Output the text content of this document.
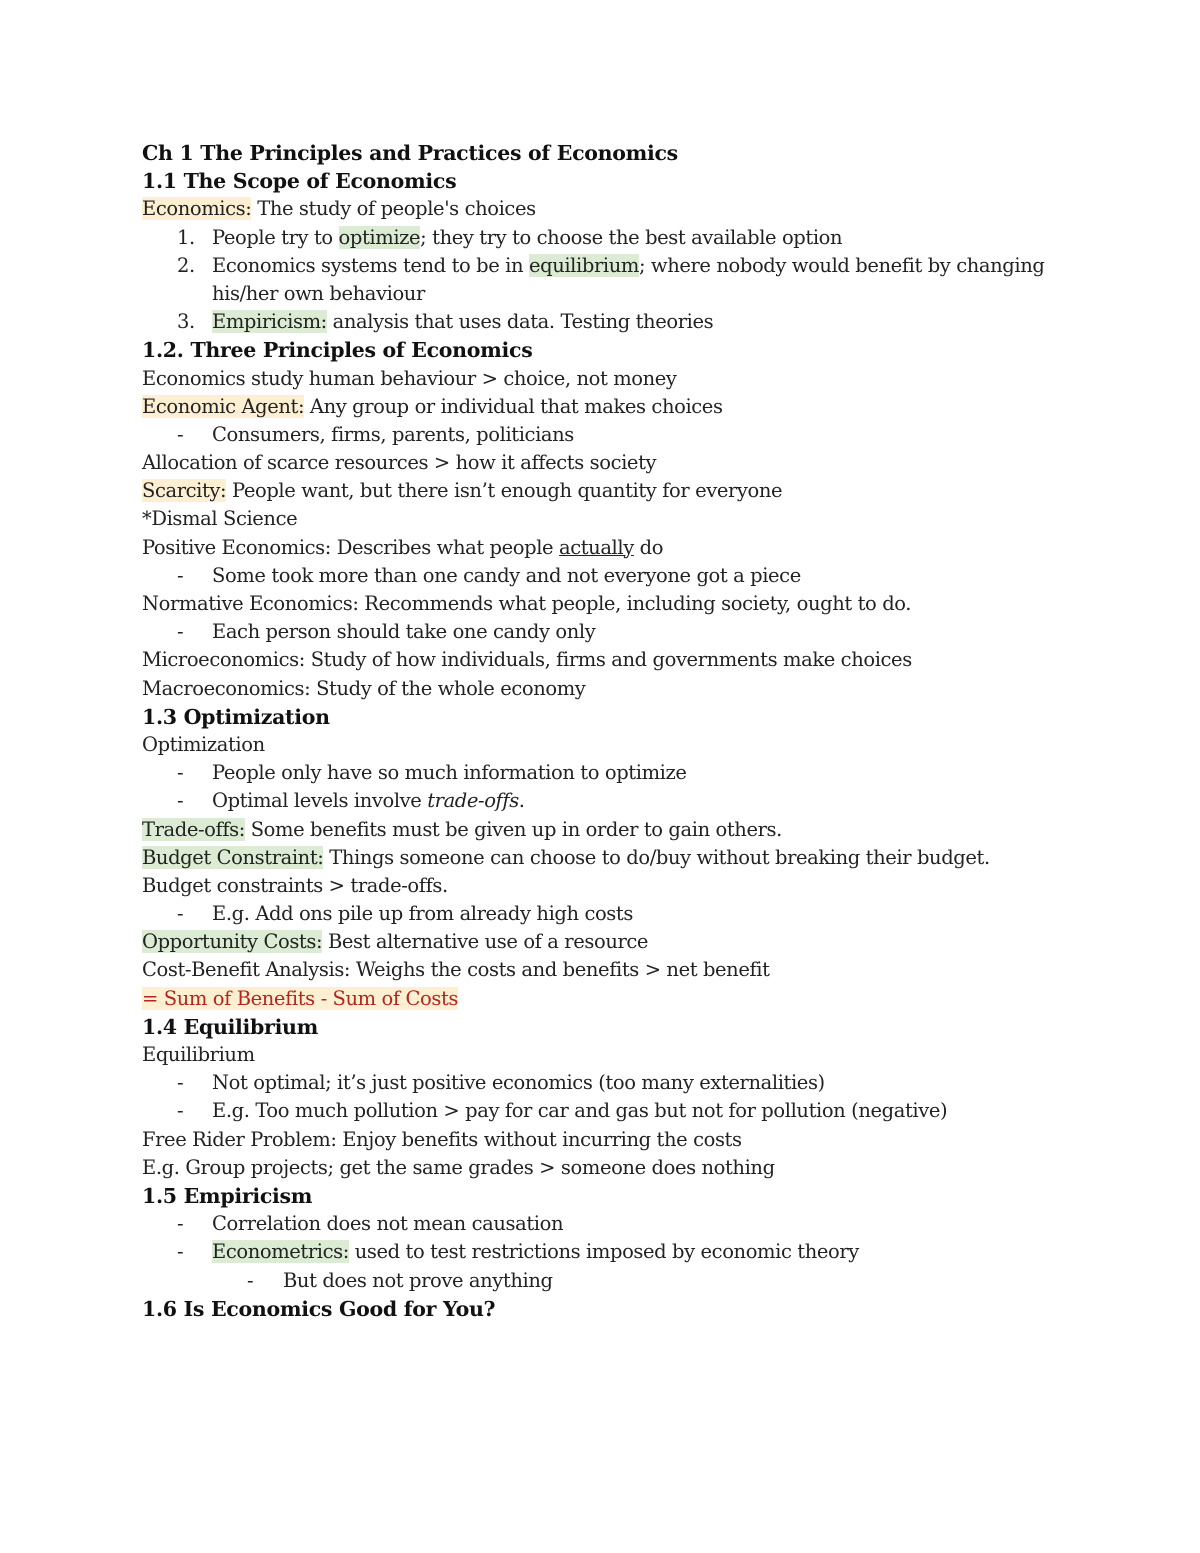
Ch 1 The Principles and Practices of Economics
1.1 The Scope of Economics
Economics: The study of people's choices
1. People try to optimize; they try to choose the best available option
2. Economics systems tend to be in equilibrium; where nobody would benefit by changing
his/her own behaviour
3. Empiricism: analysis that uses data. Testing theories
1.2. Three Principles of Economics
Economics study human behaviour > choice, not money
Economic Agent: Any group or individual that makes choices
-	Consumers, firms, parents, politicians
Allocation of scarce resources > how it affects society
Scarcity: People want, but there isn’t enough quantity for everyone
*Dismal Science
Positive Economics: Describes what people actually do
-	Some took more than one candy and not everyone got a piece
Normative Economics: Recommends what people, including society, ought to do.
-	Each person should take one candy only
Microeconomics: Study of how individuals, firms and governments make choices
Macroeconomics: Study of the whole economy
1.3 Optimization
Optimization
-	People only have so much information to optimize
-	Optimal levels involve trade-offs.
Trade-offs: Some benefits must be given up in order to gain others.
Budget Constraint: Things someone can choose to do/buy without breaking their budget.
Budget constraints > trade-offs.
-	E.g. Add ons pile up from already high costs
Opportunity Costs: Best alternative use of a resource
Cost-Benefit Analysis: Weighs the costs and benefits > net benefit
= Sum of Benefits - Sum of Costs
1.4 Equilibrium
Equilibrium
-	Not optimal; it’s just positive economics (too many externalities)
-	E.g. Too much pollution > pay for car and gas but not for pollution (negative)
Free Rider Problem: Enjoy benefits without incurring the costs
E.g. Group projects; get the same grades > someone does nothing
1.5 Empiricism
-	Correlation does not mean causation
-	Econometrics: used to test restrictions imposed by economic theory
-	But does not prove anything
1.6 Is Economics Good for You?
